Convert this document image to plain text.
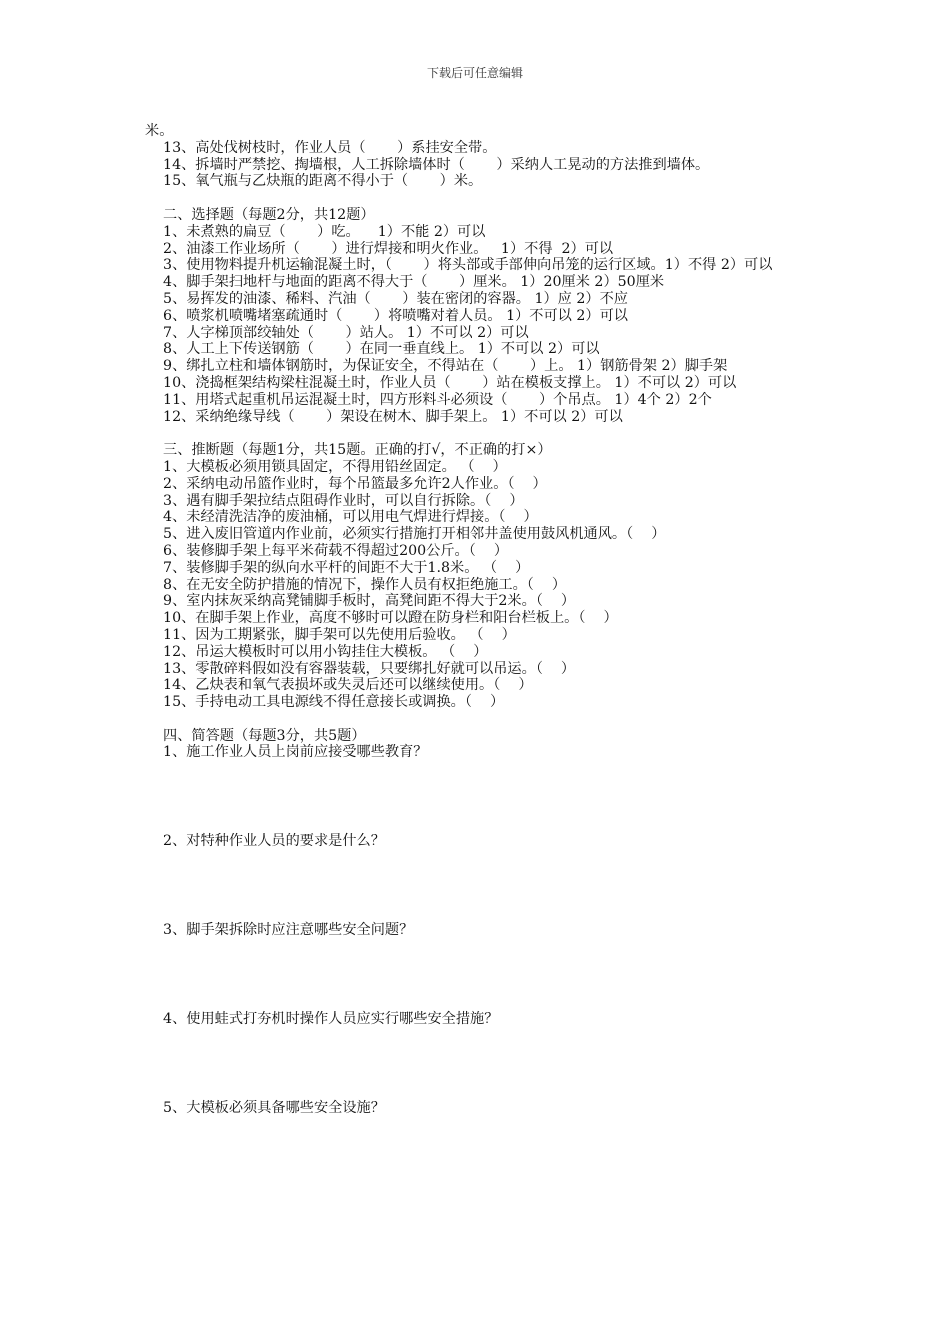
下载后可任意编辑
米。
13、高处伐树枝时，作业人员（       ）系挂安全带。
14、拆墙时严禁挖、掏墙根，人工拆除墙体时（       ）采纳人工晃动的方法推到墙体。
15、氧气瓶与乙炔瓶的距离不得小于（       ）米。
二、选择题（每题2分，共12题）
1、未煮熟的扁豆（       ）吃。    1）不能 2）可以
2、油漆工作业场所（       ）进行焊接和明火作业。   1）不得  2）可以
3、使用物料提升机运输混凝土时，（       ）将头部或手部伸向吊笼的运行区域。1）不得 2）可以
4、脚手架扫地杆与地面的距离不得大于（       ）厘米。 1）20厘米 2）50厘米
5、易挥发的油漆、稀料、汽油（       ）装在密闭的容器。 1）应 2）不应
6、喷浆机喷嘴堵塞疏通时（       ）将喷嘴对着人员。 1）不可以 2）可以
7、人字梯顶部绞轴处（       ）站人。 1）不可以 2）可以
8、人工上下传送钢筋（       ）在同一垂直线上。 1）不可以 2）可以
9、绑扎立柱和墙体钢筋时，为保证安全，不得站在（       ）上。 1）钢筋骨架 2）脚手架
10、浇捣框架结构梁柱混凝土时，作业人员（       ）站在模板支撑上。 1）不可以 2）可以
11、用塔式起重机吊运混凝土时，四方形料斗必须设（       ）个吊点。 1）4个 2）2个
12、采纳绝缘导线（       ）架设在树木、脚手架上。 1）不可以 2）可以
三、推断题（每题1分，共15题。正确的打√，不正确的打×）
1、大模板必须用锁具固定，不得用铅丝固定。 （    ）
2、采纳电动吊篮作业时，每个吊篮最多允许2人作业。（    ）
3、遇有脚手架拉结点阻碍作业时，可以自行拆除。（    ）
4、未经清洗洁净的废油桶，可以用电气焊进行焊接。（    ）
5、进入废旧管道内作业前，必须实行措施打开相邻井盖使用鼓风机通风。（    ）
6、装修脚手架上每平米荷载不得超过200公斤。（    ）
7、装修脚手架的纵向水平杆的间距不大于1.8米。 （    ）
8、在无安全防护措施的情况下，操作人员有权拒绝施工。（    ）
9、室内抹灰采纳高凳铺脚手板时，高凳间距不得大于2米。（    ）
10、在脚手架上作业，高度不够时可以蹬在防身栏和阳台栏板上。（    ）
11、因为工期紧张，脚手架可以先使用后验收。 （    ）
12、吊运大模板时可以用小钩挂住大模板。 （    ）
13、零散碎料假如没有容器装载，只要绑扎好就可以吊运。（    ）
14、乙炔表和氧气表损坏或失灵后还可以继续使用。（    ）
15、手持电动工具电源线不得任意接长或调换。（    ）
四、简答题（每题3分，共5题）
1、施工作业人员上岗前应接受哪些教育？
2、对特种作业人员的要求是什么？
3、脚手架拆除时应注意哪些安全问题？
4、使用蛙式打夯机时操作人员应实行哪些安全措施？
5、大模板必须具备哪些安全设施？
